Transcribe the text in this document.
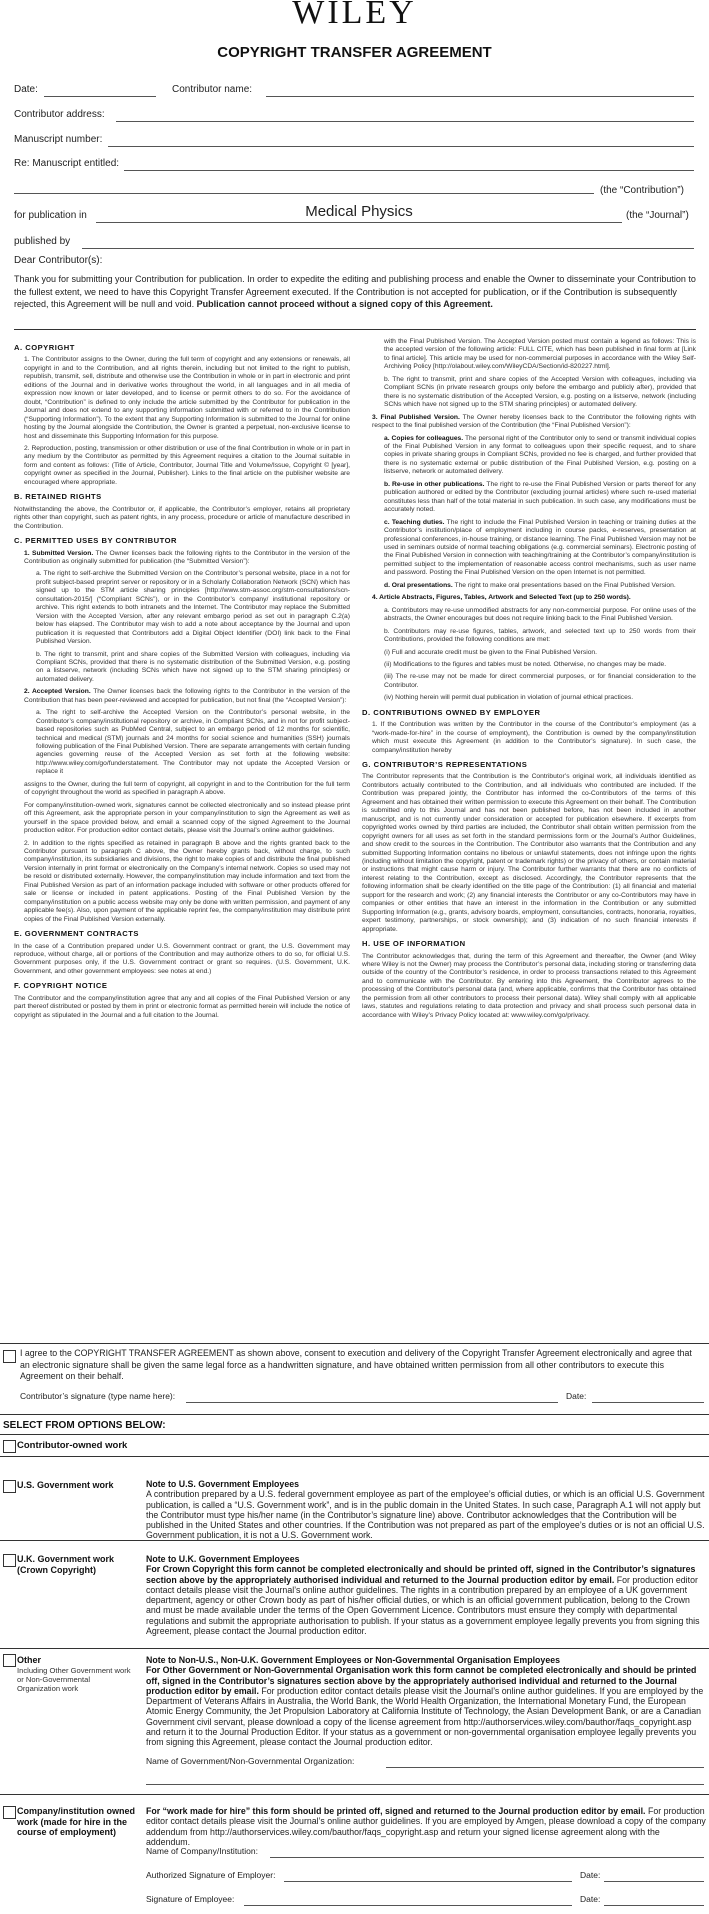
WILEY
COPYRIGHT TRANSFER AGREEMENT
Date:	Contributor name:
Contributor address:
Manuscript number:
Re: Manuscript entitled:
(the “Contribution”)
for publication in	Medical Physics	(the “Journal”)
published by
Dear Contributor(s):
Thank you for submitting your Contribution for publication. In order to expedite the editing and publishing process and enable the Owner to disseminate your Contribution to the fullest extent, we need to have this Copyright Transfer Agreement executed. If the Contribution is not accepted for publication, or if the Contribution is subsequently rejected, this Agreement will be null and void. Publication cannot proceed without a signed copy of this Agreement.
A. COPYRIGHT

1. The Contributor assigns to the Owner, during the full term of copyright and any extensions or renewals, all copyright in and to the Contribution, and all rights therein, including but not limited to the right to publish, republish, transmit, sell, distribute and otherwise use the Contribution in whole or in part in electronic and print editions of the Journal and in derivative works throughout the world, in all languages and in all media of expression now known or later developed, and to license or permit others to do so. For the avoidance of doubt, “Contribution” is defined to only include the article submitted by the Contributor for publication in the Journal and does not extend to any supporting information submitted with or referred to in the Contribution (“Supporting Information”). To the extent that any Supporting Information is submitted to the Journal for online hosting by the Journal alongside the Contribution, the Owner is granted a perpetual, non-exclusive license to host and disseminate this Supporting Information for this purpose.

2. Reproduction, posting, transmission or other distribution or use of the final Contribution in whole or in part in any medium by the Contributor as permitted by this Agreement requires a citation to the Journal suitable in form and content as follows: (Title of Article, Contributor, Journal Title and Volume/Issue, Copyright © [year], copyright owner as specified in the Journal, Publisher). Links to the final article on the publisher website are encouraged where appropriate.

B. RETAINED RIGHTS

Notwithstanding the above, the Contributor or, if applicable, the Contributor’s employer, retains all proprietary rights other than copyright, such as patent rights, in any process, procedure or article of manufacture described in the Contribution.

C. PERMITTED USES BY CONTRIBUTOR

1. Submitted Version. The Owner licenses back the following rights to the Contributor in the version of the Contribution as originally submitted for publication (the “Submitted Version”):

a. The right to self-archive the Submitted Version on the Contributor’s personal website, place in a not for profit subject-based preprint server or repository or in a Scholarly Collaboration Network (SCN) which has signed up to the STM article sharing principles [http://www.stm-assoc.org/stm-consultations/scn-consultation-2015/] (“Compliant SCNs”), or in the Contributor’s company/ institutional repository or archive. This right extends to both intranets and the Internet. The Contributor may replace the Submitted Version with the Accepted Version, after any relevant embargo period as set out in paragraph C.2(a) below has elapsed. The Contributor may wish to add a note about acceptance by the Journal and upon publication it is requested that Contributors add a Digital Object Identifier (DOI) link back to the Final Published Version.

b. The right to transmit, print and share copies of the Submitted Version with colleagues, including via Compliant SCNs, provided that there is no systematic distribution of the Submitted Version, e.g. posting on a listserve, network (including SCNs which have not signed up to the STM sharing principles) or automated delivery.

2. Accepted Version. The Owner licenses back the following rights to the Contributor in the version of the Contribution that has been peer-reviewed and accepted for publication, but not final (the “Accepted Version”):

a. The right to self-archive the Accepted Version on the Contributor’s personal website, in the Contributor’s company/institutional repository or archive, in Compliant SCNs, and in not for profit subject-based repositories such as PubMed Central, subject to an embargo period of 12 months for scientific, technical and medical (STM) journals and 24 months for social science and humanities (SSH) journals following publication of the Final Published Version. There are separate arrangements with certain funding agencies governing reuse of the Accepted Version as set forth at the following website: http://www.wiley.com/go/funderstatement. The Contributor may not update the Accepted Version or replace it

assigns to the Owner, during the full term of copyright, all copyright in and to the Contribution for the full term of copyright throughout the world as specified in paragraph A above.

For company/institution-owned work, signatures cannot be collected electronically and so instead please print off this Agreement, ask the appropriate person in your company/institution to sign the Agreement as well as yourself in the space provided below, and email a scanned copy of the signed Agreement to the Journal production editor. For production editor contact details, please visit the Journal’s online author guidelines.

2. In addition to the rights specified as retained in paragraph B above and the rights granted back to the Contributor pursuant to paragraph C above, the Owner hereby grants back, without charge, to such company/institution, its subsidiaries and divisions, the right to make copies of and distribute the final published Version internally in print format or electronically on the Company’s internal network. Copies so used may not be resold or distributed externally. However, the company/institution may include information and text from the Final Published Version as part of an information package included with software or other products offered for sale or license or included in patent applications. Posting of the Final Published Version by the company/institution on a public access website may only be done with written permission, and payment of any applicable fee(s). Also, upon payment of the applicable reprint fee, the company/institution may distribute print copies of the Final Published Version externally.

E. GOVERNMENT CONTRACTS

In the case of a Contribution prepared under U.S. Government contract or grant, the U.S. Government may reproduce, without charge, all or portions of the Contribution and may authorize others to do so, for official U.S. Government purposes only, if the U.S. Government contract or grant so requires. (U.S. Government, U.K. Government, and other government employees: see notes at end.)

F. COPYRIGHT NOTICE

The Contributor and the company/institution agree that any and all copies of the Final Published Version or any part thereof distributed or posted by them in print or electronic format as permitted herein will include the notice of copyright as stipulated in the Journal and a full citation to the Journal.

with the Final Published Version. The Accepted Version posted must contain a legend as follows: This is the accepted version of the following article: FULL CITE, which has been published in final form at [Link to final article]. This article may be used for non-commercial purposes in accordance with the Wiley Self-Archiving Policy [http://olabout.wiley.com/WileyCDA/Section/id-820227.html].

b. The right to transmit, print and share copies of the Accepted Version with colleagues, including via Compliant SCNs (in private research groups only before the embargo and publicly after), provided that there is no systematic distribution of the Accepted Version, e.g. posting on a listserve, network (including SCNs which have not signed up to the STM sharing principles) or automated delivery.

3. Final Published Version. The Owner hereby licenses back to the Contributor the following rights with respect to the final published version of the Contribution (the “Final Published Version”):

a. Copies for colleagues. The personal right of the Contributor only to send or transmit individual copies of the Final Published Version in any format to colleagues upon their specific request, and to share copies in private sharing groups in Compliant SCNs, provided no fee is charged, and further provided that there is no systematic external or public distribution of the Final Published Version, e.g. posting on a listserve, network or automated delivery.

b. Re-use in other publications. The right to re-use the Final Published Version or parts thereof for any publication authored or edited by the Contributor (excluding journal articles) where such re-used material constitutes less than half of the total material in such publication. In such case, any modifications must be accurately noted.

c. Teaching duties. The right to include the Final Published Version in teaching or training duties at the Contributor’s institution/place of employment including in course packs, e-reserves, presentation at professional conferences, in-house training, or distance learning. The Final Published Version may not be used in seminars outside of normal teaching obligations (e.g. commercial seminars). Electronic posting of the Final Published Version in connection with teaching/training at the Contributor’s company/institution is permitted subject to the implementation of reasonable access control mechanisms, such as user name and password. Posting the Final Published Version on the open Internet is not permitted.

d. Oral presentations. The right to make oral presentations based on the Final Published Version.

4. Article Abstracts, Figures, Tables, Artwork and Selected Text (up to 250 words).

a. Contributors may re-use unmodified abstracts for any non-commercial purpose. For online uses of the abstracts, the Owner encourages but does not require linking back to the Final Published Version.

b. Contributors may re-use figures, tables, artwork, and selected text up to 250 words from their Contributions, provided the following conditions are met:

(i) Full and accurate credit must be given to the Final Published Version.

(ii) Modifications to the figures and tables must be noted. Otherwise, no changes may be made.

(iii) The re-use may not be made for direct commercial purposes, or for financial consideration to the Contributor.

(iv) Nothing herein will permit dual publication in violation of journal ethical practices.

D. CONTRIBUTIONS OWNED BY EMPLOYER

1. If the Contribution was written by the Contributor in the course of the Contributor’s employment (as a “work-made-for-hire” in the course of employment), the Contribution is owned by the company/institution which must execute this Agreement (in addition to the Contributor’s signature). In such case, the company/institution hereby

G. CONTRIBUTOR’S REPRESENTATIONS

The Contributor represents that the Contribution is the Contributor’s original work, all individuals identified as Contributors actually contributed to the Contribution, and all individuals who contributed are included. If the Contribution was prepared jointly, the Contributor has informed the co-Contributors of the terms of this Agreement and has obtained their written permission to execute this Agreement on their behalf. The Contribution is submitted only to this Journal and has not been published before, has not been included in another manuscript, and is not currently under consideration or accepted for publication elsewhere. If excerpts from copyrighted works owned by third parties are included, the Contributor shall obtain written permission from the copyright owners for all uses as set forth in the standard permissions form or the Journal’s Author Guidelines, and show credit to the sources in the Contribution. The Contributor also warrants that the Contribution and any submitted Supporting Information contains no libelous or unlawful statements, does not infringe upon the rights (including without limitation the copyright, patent or trademark rights) or the privacy of others, or contain material or instructions that might cause harm or injury. The Contributor further warrants that there are no conflicts of interest relating to the Contribution, except as disclosed. Accordingly, the Contributor represents that the following information shall be clearly identified on the title page of the Contribution: (1) all financial and material support for the research and work; (2) any financial interests the Contributor or any co-Contributors may have in companies or other entities that have an interest in the information in the Contribution or any submitted Supporting Information (e.g., grants, advisory boards, employment, consultancies, contracts, honoraria, royalties, expert testimony, partnerships, or stock ownership); and (3) indication of no such financial interests if appropriate.

H. USE OF INFORMATION

The Contributor acknowledges that, during the term of this Agreement and thereafter, the Owner (and Wiley where Wiley is not the Owner) may process the Contributor’s personal data, including storing or transferring data outside of the country of the Contributor’s residence, in order to process transactions related to this Agreement and to communicate with the Contributor. By entering into this Agreement, the Contributor agrees to the processing of the Contributor’s personal data (and, where applicable, confirms that the Contributor has obtained the permission from all other contributors to process their personal data). Wiley shall comply with all applicable laws, statutes and regulations relating to data protection and privacy and shall process such personal data in accordance with Wiley’s Privacy Policy located at: www.wiley.com/go/privacy.

I agree to the COPYRIGHT TRANSFER AGREEMENT as shown above, consent to execution and delivery of the Copyright Transfer Agreement electronically and agree that an electronic signature shall be given the same legal force as a handwritten signature, and have obtained written permission from all other contributors to execute this Agreement on their behalf.
Contributor’s signature (type name here):	Date:
SELECT FROM OPTIONS BELOW:
Contributor-owned work
U.S. Government work	Note to U.S. Government Employees
A contribution prepared by a U.S. federal government employee as part of the employee’s official duties, or which is an official U.S. Government publication, is called a “U.S. Government work”, and is in the public domain in the United States. In such case, Paragraph A.1 will not apply but the Contributor must type his/her name (in the Contributor’s signature line) above. Contributor acknowledges that the Contribution will be published in the United States and other countries. If the Contribution was not prepared as part of the employee’s duties or is not an official U.S. Government publication, it is not a U.S. Government work.
U.K. Government work (Crown Copyright)
Note to U.K. Government Employees
For Crown Copyright this form cannot be completed electronically and should be printed off, signed in the Contributor’s signatures section above by the appropriately authorised individual and returned to the Journal production editor by email. For production editor contact details please visit the Journal’s online author guidelines. The rights in a contribution prepared by an employee of a UK government department, agency or other Crown body as part of his/her official duties, or which is an official government publication, belong to the Crown and must be made available under the terms of the Open Government Licence. Contributors must ensure they comply with departmental regulations and submit the appropriate authorisation to publish. If your status as a government employee legally prevents you from signing this Agreement, please contact the Journal production editor.
Other
Including Other Government work or Non-Governmental Organization work
Note to Non-U.S., Non-U.K. Government Employees or Non-Governmental Organisation Employees
For Other Government or Non-Governmental Organisation work this form cannot be completed electronically and should be printed off, signed in the Contributor’s signatures section above by the appropriately authorised individual and returned to the Journal production editor by email. For production editor contact details please visit the Journal’s online author guidelines. If you are employed by the Department of Veterans Affairs in Australia, the World Bank, the World Health Organization, the International Monetary Fund, the European Atomic Energy Community, the Jet Propulsion Laboratory at California Institute of Technology, the Asian Development Bank, or are a Canadian Government civil servant, please download a copy of the license agreement from http://authorservices.wiley.com/bauthor/faqs_copyright.asp and return it to the Journal Production Editor. If your status as a government or non-governmental organisation employee legally prevents you from signing this Agreement, please contact the Journal production editor.
Name of Government/Non-Governmental Organization:
Company/institution owned work (made for hire in the course of employment)
For “work made for hire” this form should be printed off, signed and returned to the Journal production editor by email. For production editor contact details please visit the Journal’s online author guidelines. If you are employed by Amgen, please download a copy of the company addendum from http://authorservices.wiley.com/bauthor/faqs_copyright.asp and return your signed license agreement along with the addendum.
Name of Company/Institution:
Authorized Signature of Employer:	Date:
Signature of Employee:	Date:
